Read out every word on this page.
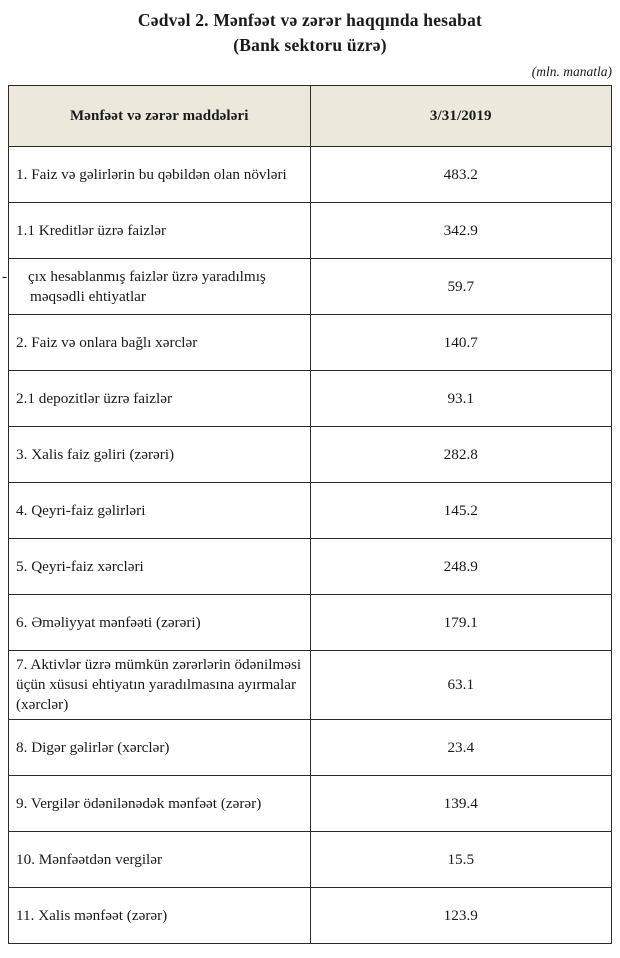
Cədvəl 2. Mənfəət və zərər haqqında hesabat
(Bank sektoru üzrə)
(mln. manatla)
Mənfəət və zərər maddələri	3/31/2019
1. Faiz və gəlirlərin bu qəbildən olan növləri	483.2
1.1 Kreditlər üzrə faizlər	342.9

- çıx hesablanmış faizlər üzrə yaradılmış məqsədli ehtiyatlar	59.7
2. Faiz və onlara bağlı xərclər	140.7
2.1 depozitlər üzrə faizlər	93.1
3. Xalis faiz gəliri (zərəri)	282.8
4. Qeyri-faiz gəlirləri	145.2
5. Qeyri-faiz xərcləri	248.9
6. Əməliyyat mənfəəti (zərəri)	179.1
7. Aktivlər üzrə mümkün zərərlərin ödənilməsi üçün xüsusi ehtiyatın yaradılmasına ayırmalar (xərclər)	63.1
8. Digər gəlirlər (xərclər)	23.4
9. Vergilər ödənilənədək mənfəət (zərər)	139.4
10. Mənfəətdən vergilər	15.5
11. Xalis mənfəət (zərər)	123.9
